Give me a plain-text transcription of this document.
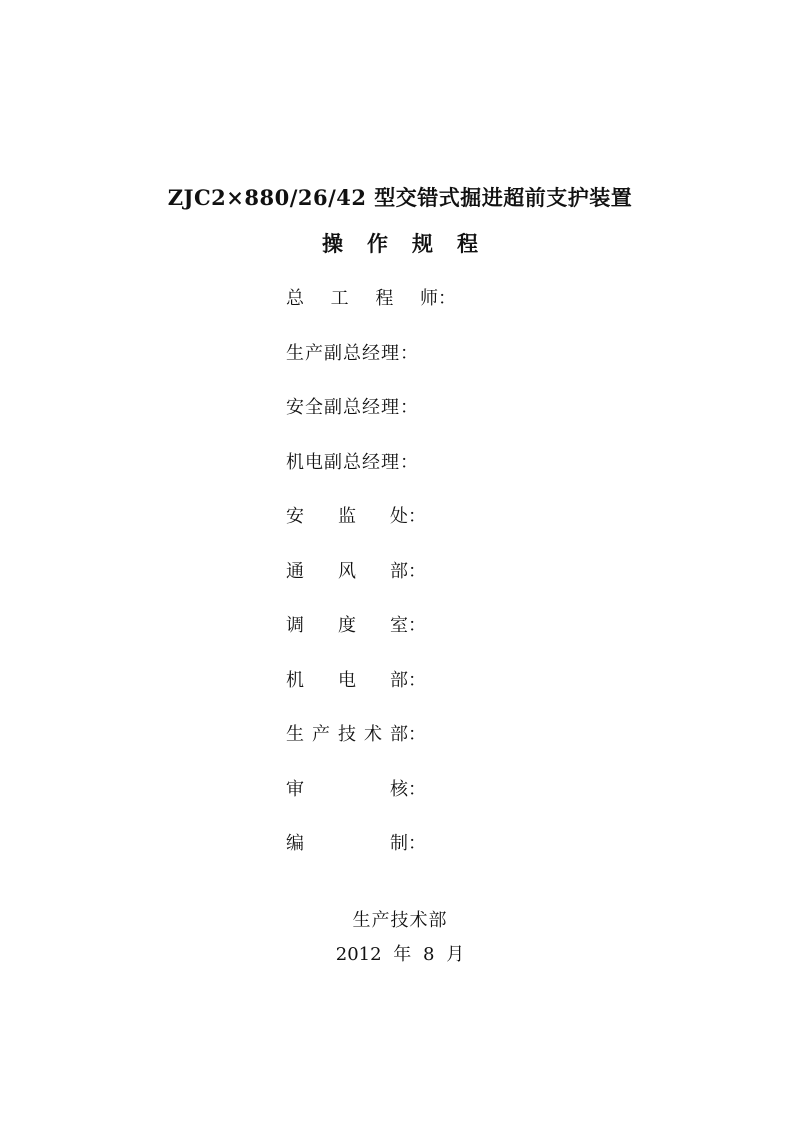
ZJC2×880/26/42 型交错式掘进超前支护装置
操作规程
总 工 程 师：
生产副总经理：
安全副总经理：
机电副总经理：
安 监 处：
通 风 部：
调 度 室：
机 电 部：
生 产 技 术 部：
审	核：
编	制：
生产技术部
2012 年 8 月
